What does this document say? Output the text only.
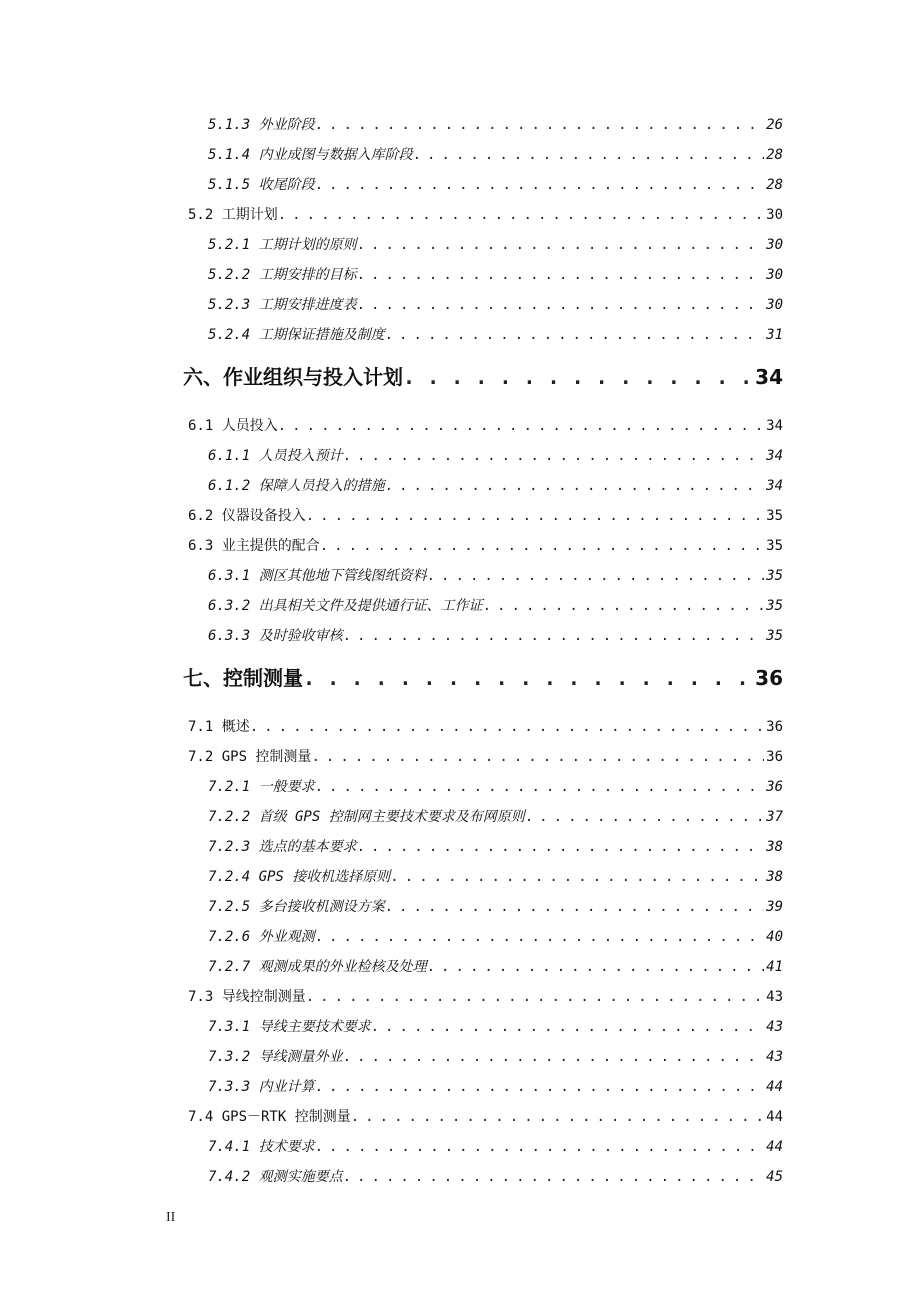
5.1.3 外业阶段 . . .	26
5.1.4 内业成图与数据入库阶段 . . .	28
5.1.5 收尾阶段 . . .	28
5.2 工期计划 . . .	30
5.2.1 工期计划的原则 . . .	30
5.2.2 工期安排的目标 . . .	30
5.2.3 工期安排进度表 . . .	30
5.2.4 工期保证措施及制度 . . .	31
六、作业组织与投入计划 . . .	34
6.1 人员投入 . . .	34
6.1.1 人员投入预计 . . .	34
6.1.2 保障人员投入的措施 . . .	34
6.2 仪器设备投入 . . .	35
6.3 业主提供的配合 . . .	35
6.3.1 测区其他地下管线图纸资料 . . .	35
6.3.2 出具相关文件及提供通行证、工作证 . . .	35
6.3.3 及时验收审核 . . .	35
七、控制测量 . . .	36
7.1 概述 . . .	36
7.2 GPS 控制测量 . . .	36
7.2.1 一般要求 . . .	36
7.2.2 首级 GPS 控制网主要技术要求及布网原则 . . .	37
7.2.3 选点的基本要求 . . .	38
7.2.4 GPS 接收机选择原则 . . .	38
7.2.5 多台接收机测设方案 . . .	39
7.2.6 外业观测 . . .	40
7.2.7 观测成果的外业检核及处理 . . .	41
7.3 导线控制测量 . . .	43
7.3.1 导线主要技术要求 . . .	43
7.3.2 导线测量外业 . . .	43
7.3.3 内业计算 . . .	44
7.4 GPS－RTK 控制测量 . . .	44
7.4.1 技术要求 . . .	44
7.4.2 观测实施要点 . . .	45
II
